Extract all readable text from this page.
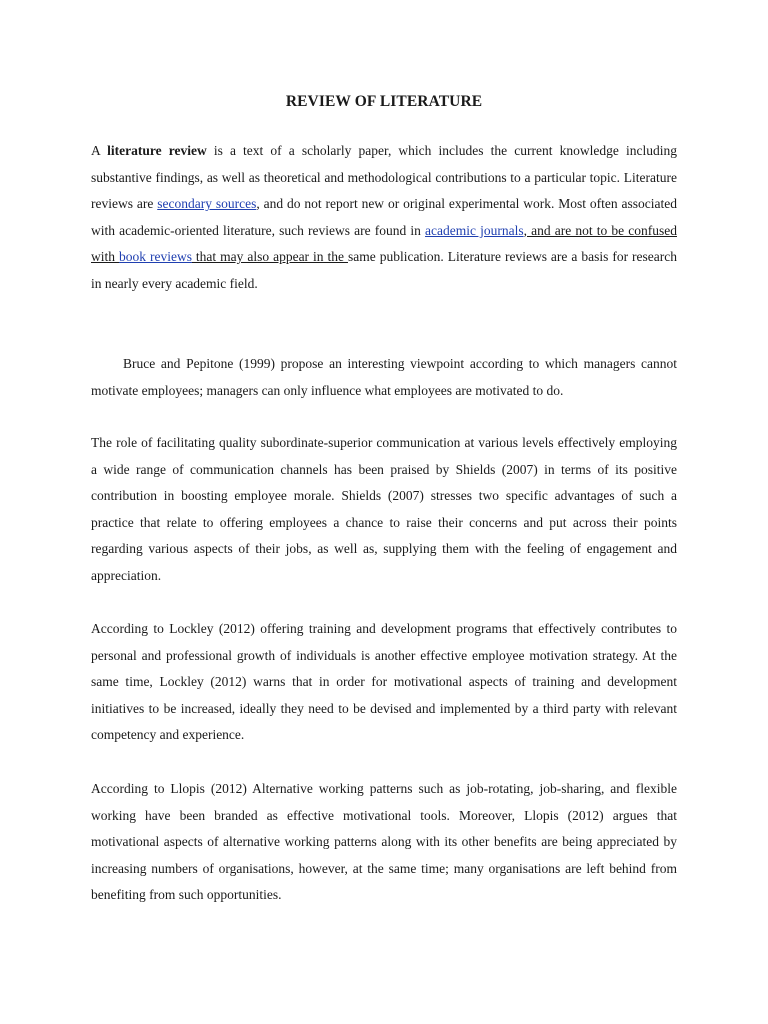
REVIEW OF LITERATURE

A literature review is a text of a scholarly paper, which includes the current knowledge including substantive findings, as well as theoretical and methodological contributions to a particular topic. Literature reviews are secondary sources, and do not report new or original experimental work. Most often associated with academic-oriented literature, such reviews are found in academic journals, and are not to be confused with book reviews that may also appear in the same publication. Literature reviews are a basis for research in nearly every academic field.

Bruce and Pepitone (1999) propose an interesting viewpoint according to which managers cannot motivate employees; managers can only influence what employees are motivated to do.

The role of facilitating quality subordinate-superior communication at various levels effectively employing a wide range of communication channels has been praised by Shields (2007) in terms of its positive contribution in boosting employee morale. Shields (2007) stresses two specific advantages of such a practice that relate to offering employees a chance to raise their concerns and put across their points regarding various aspects of their jobs, as well as, supplying them with the feeling of engagement and appreciation.

According to Lockley (2012) offering training and development programs that effectively contributes to personal and professional growth of individuals is another effective employee motivation strategy. At the same time, Lockley (2012) warns that in order for motivational aspects of training and development initiatives to be increased, ideally they need to be devised and implemented by a third party with relevant competency and experience.

According to Llopis (2012) Alternative working patterns such as job-rotating, job-sharing, and flexible working have been branded as effective motivational tools. Moreover, Llopis (2012) argues that motivational aspects of alternative working patterns along with its other benefits are being appreciated by increasing numbers of organisations, however, at the same time; many organisations are left behind from benefiting from such opportunities.
